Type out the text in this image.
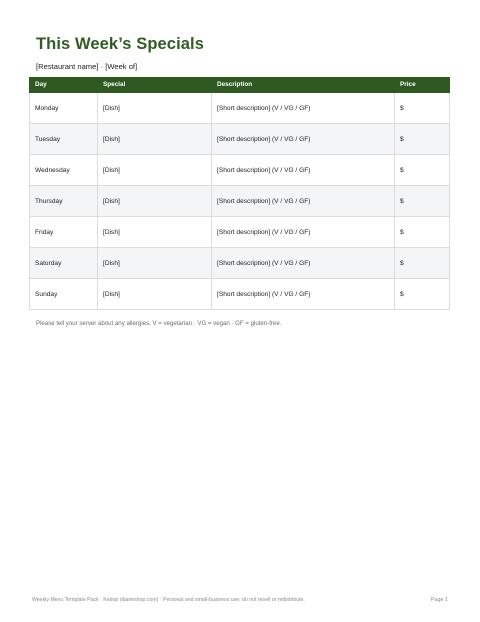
This Week’s Specials
[Restaurant name] · [Week of]
Day	Special	Description	Price
Monday	[Dish]	[Short description] (V / VG / GF)	$
Tuesday	[Dish]	[Short description] (V / VG / GF)	$
Wednesday	[Dish]	[Short description] (V / VG / GF)	$
Thursday	[Dish]	[Short description] (V / VG / GF)	$
Friday	[Dish]	[Short description] (V / VG / GF)	$
Saturday	[Dish]	[Short description] (V / VG / GF)	$
Sunday	[Dish]	[Short description] (V / VG / GF)	$
Please tell your server about any allergies. V = vegetarian · VG = vegan · GF = gluten-free.
Weekly Menu Template Pack · Kedop (dianeshop.com) · Personal and small-business use; do not resell or redistribute.	Page 1
